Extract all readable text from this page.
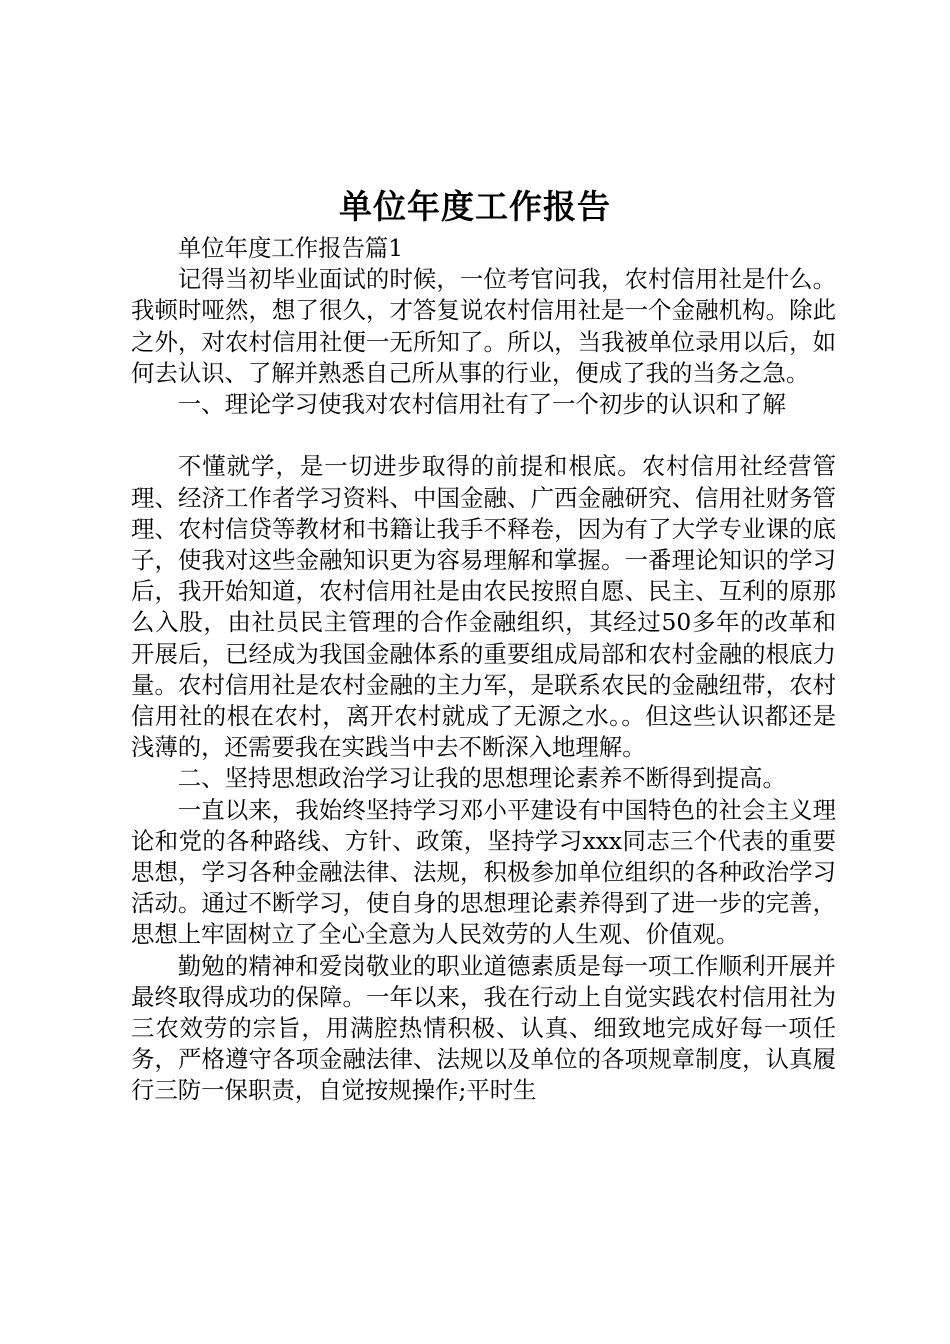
单位年度工作报告

单位年度工作报告篇1

记得当初毕业面试的时候，一位考官问我，农村信用社是什么。我顿时哑然，想了很久，才答复说农村信用社是一个金融机构。除此之外，对农村信用社便一无所知了。所以，当我被单位录用以后，如何去认识、了解并熟悉自己所从事的行业，便成了我的当务之急。

一、理论学习使我对农村信用社有了一个初步的认识和了解

不懂就学，是一切进步取得的前提和根底。农村信用社经营管理、经济工作者学习资料、中国金融、广西金融研究、信用社财务管理、农村信贷等教材和书籍让我手不释卷，因为有了大学专业课的底子，使我对这些金融知识更为容易理解和掌握。一番理论知识的学习后，我开始知道，农村信用社是由农民按照自愿、民主、互利的原那么入股，由社员民主管理的合作金融组织，其经过50多年的改革和开展后，已经成为我国金融体系的重要组成局部和农村金融的根底力量。农村信用社是农村金融的主力军，是联系农民的金融纽带，农村信用社的根在农村，离开农村就成了无源之水。。但这些认识都还是浅薄的，还需要我在实践当中去不断深入地理解。

二、坚持思想政治学习让我的思想理论素养不断得到提高。

一直以来，我始终坚持学习邓小平建设有中国特色的社会主义理论和党的各种路线、方针、政策，坚持学习xxx同志三个代表的重要思想，学习各种金融法律、法规，积极参加单位组织的各种政治学习活动。通过不断学习，使自身的思想理论素养得到了进一步的完善，思想上牢固树立了全心全意为人民效劳的人生观、价值观。

勤勉的精神和爱岗敬业的职业道德素质是每一项工作顺利开展并最终取得成功的保障。一年以来，我在行动上自觉实践农村信用社为三农效劳的宗旨，用满腔热情积极、认真、细致地完成好每一项任务，严格遵守各项金融法律、法规以及单位的各项规章制度，认真履行三防一保职责，自觉按规操作;平时生
